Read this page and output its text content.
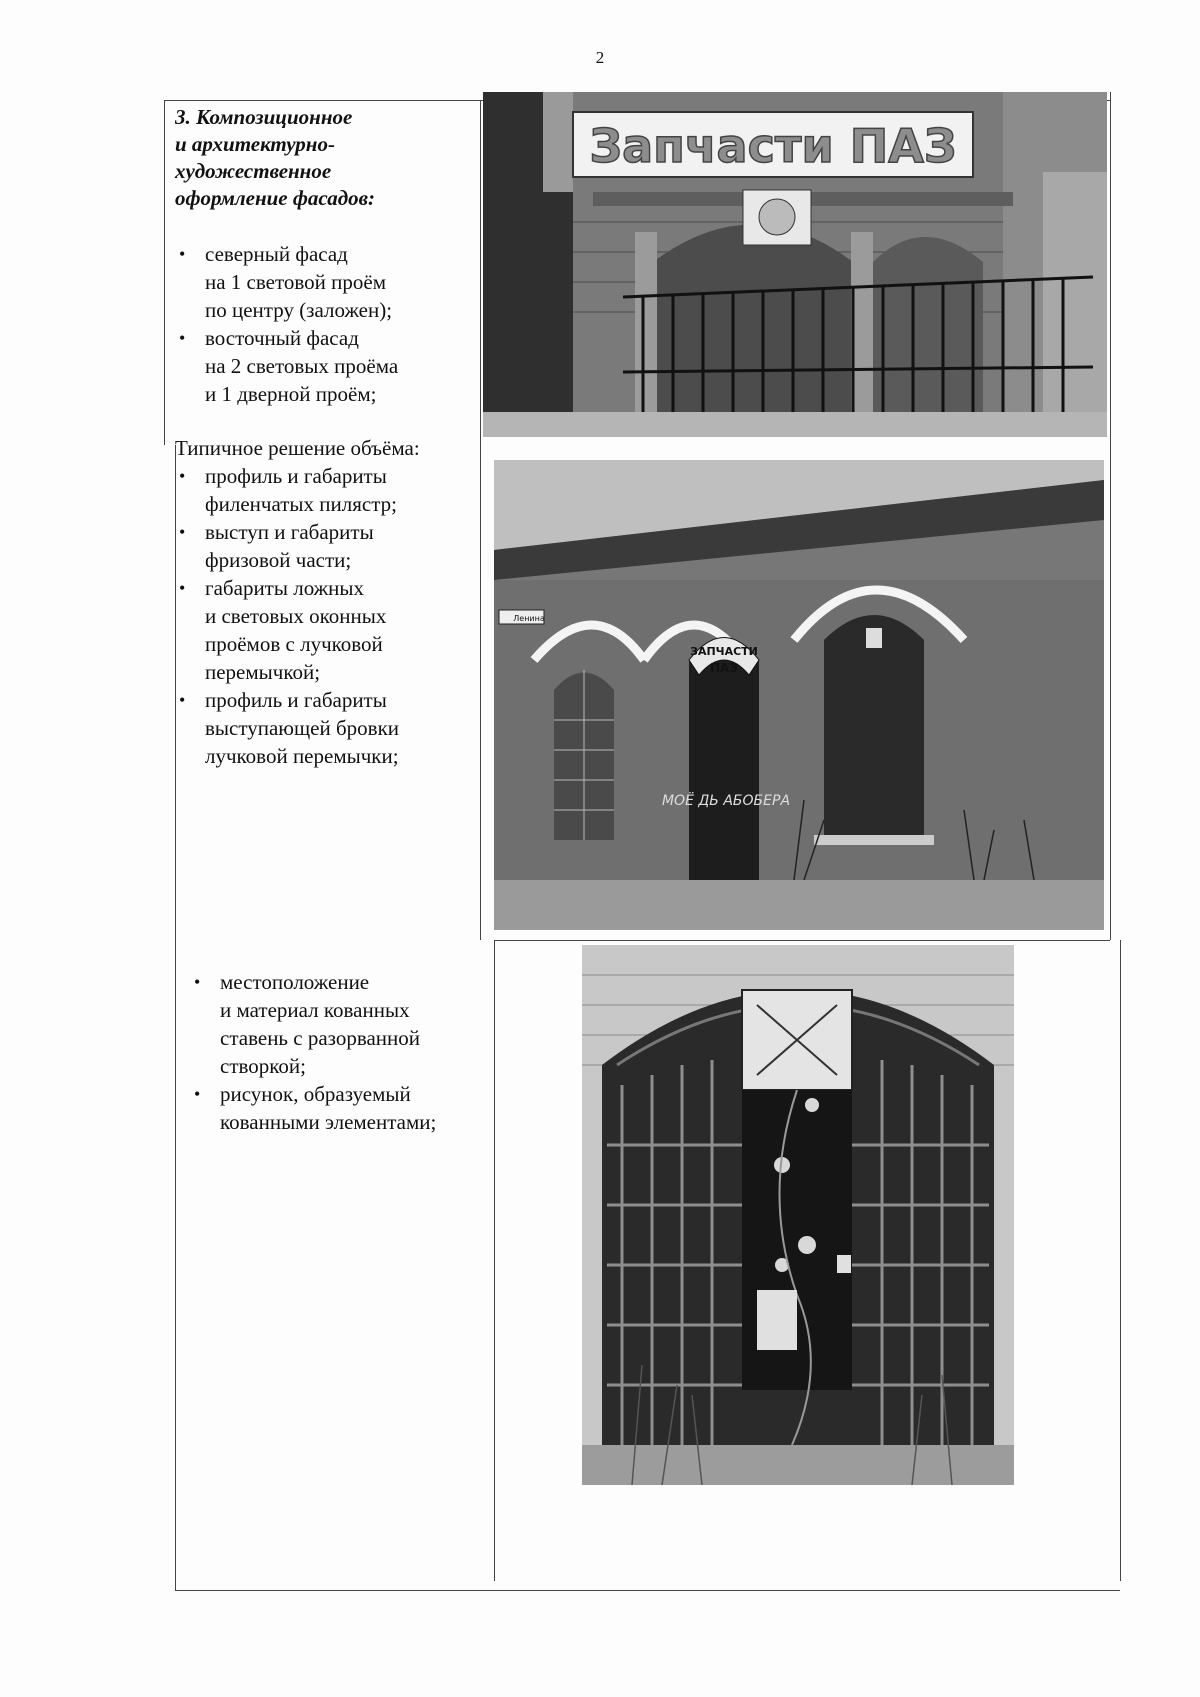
2
3. Композиционное
и архитектурно-
художественное
оформление фасадов:
• северный фасад
на 1 световой проём
по центру (заложен);
• восточный фасад
на 2 световых проёма
и 1 дверной проём;
Типичное решение объёма:
• профиль и габариты
филенчатых пилястр;
• выступ и габариты
фризовой части;
• габариты ложных
и световых оконных
проёмов с лучковой
перемычкой;
• профиль и габариты
выступающей бровки
лучковой перемычки;
• местоположение
и материал кованных
ставень с разорванной
створкой;
• рисунок, образуемый
кованными элементами;
Запчасти ПАЗ
ЗАПЧАСТИ
ПАЗ
МОЁ ДЬ АБОБЕРА
Ленина
